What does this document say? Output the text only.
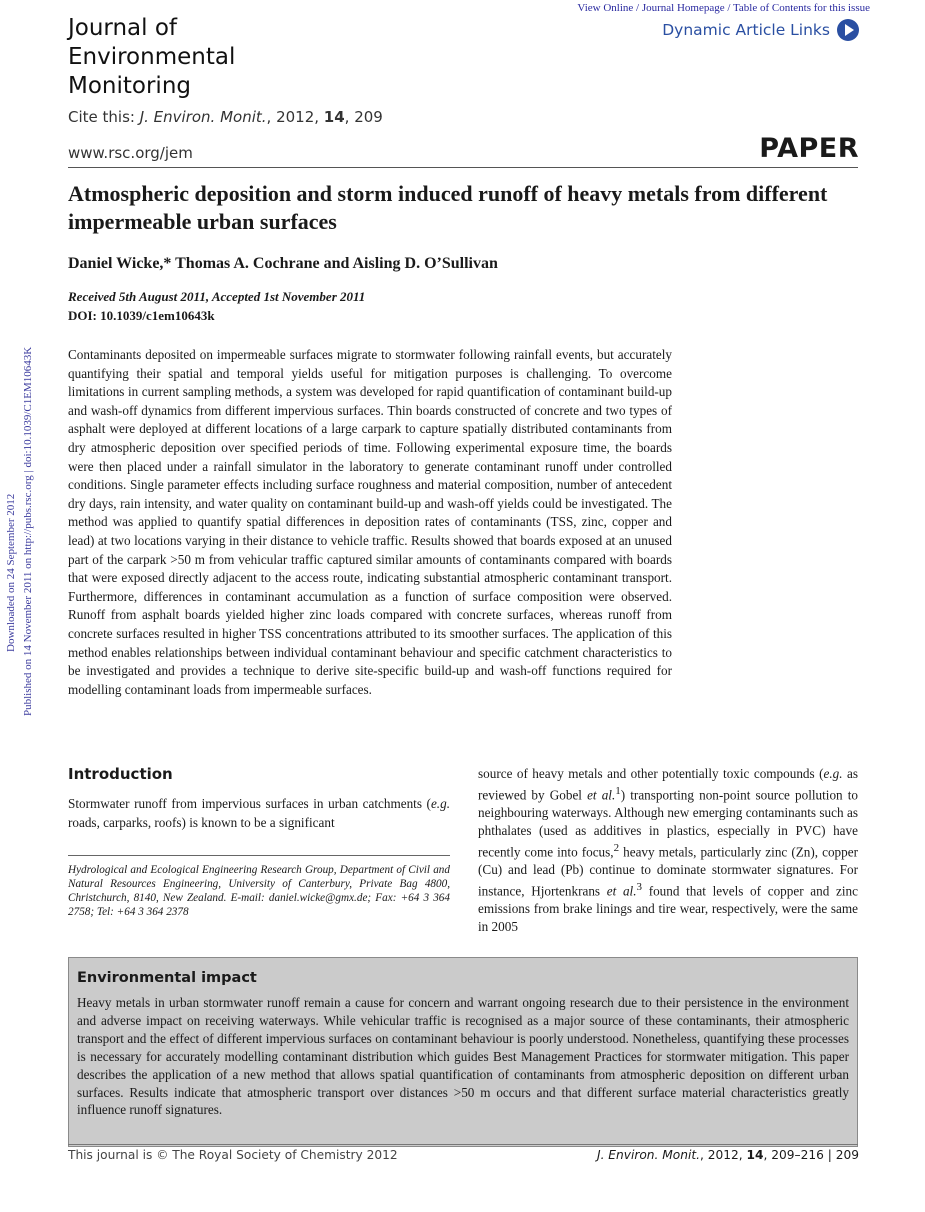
View Online / Journal Homepage / Table of Contents for this issue
Dynamic Article Links
Journal of
Environmental
Monitoring
Cite this: J. Environ. Monit., 2012, 14, 209
www.rsc.org/jem	PAPER
Published on 14 November 2011 on http://pubs.rsc.org | doi:10.1039/C1EM10643K
Downloaded on 24 September 2012
Atmospheric deposition and storm induced runoff of heavy metals from different impermeable urban surfaces
Daniel Wicke,* Thomas A. Cochrane and Aisling D. O’Sullivan
Received 5th August 2011, Accepted 1st November 2011
DOI: 10.1039/c1em10643k

Contaminants deposited on impermeable surfaces migrate to stormwater following rainfall events, but accurately quantifying their spatial and temporal yields useful for mitigation purposes is challenging. To overcome limitations in current sampling methods, a system was developed for rapid quantification of contaminant build-up and wash-off dynamics from different impervious surfaces. Thin boards constructed of concrete and two types of asphalt were deployed at different locations of a large carpark to capture spatially distributed contaminants from dry atmospheric deposition over specified periods of time. Following experimental exposure time, the boards were then placed under a rainfall simulator in the laboratory to generate contaminant runoff under controlled conditions. Single parameter effects including surface roughness and material composition, number of antecedent dry days, rain intensity, and water quality on contaminant build-up and wash-off yields could be investigated. The method was applied to quantify spatial differences in deposition rates of contaminants (TSS, zinc, copper and lead) at two locations varying in their distance to vehicle traffic. Results showed that boards exposed at an unused part of the carpark >50 m from vehicular traffic captured similar amounts of contaminants compared with boards that were exposed directly adjacent to the access route, indicating substantial atmospheric contaminant transport. Furthermore, differences in contaminant accumulation as a function of surface composition were observed. Runoff from asphalt boards yielded higher zinc loads compared with concrete surfaces, whereas runoff from concrete surfaces resulted in higher TSS concentrations attributed to its smoother surfaces. The application of this method enables relationships between individual contaminant behaviour and specific catchment characteristics to be investigated and provides a technique to derive site-specific build-up and wash-off functions required for modelling contaminant loads from impermeable surfaces.

Introduction

Stormwater runoff from impervious surfaces in urban catchments (e.g. roads, carparks, roofs) is known to be a significant

Hydrological and Ecological Engineering Research Group, Department of Civil and Natural Resources Engineering, University of Canterbury, Private Bag 4800, Christchurch, 8140, New Zealand. E-mail: daniel.wicke@gmx.de; Fax: +64 3 364 2758; Tel: +64 3 364 2378

source of heavy metals and other potentially toxic compounds (e.g. as reviewed by Gobel et al.$^1$) transporting non-point source pollution to neighbouring waterways. Although new emerging contaminants such as phthalates (used as additives in plastics, especially in PVC) have recently come into focus,$^2$ heavy metals, particularly zinc (Zn), copper (Cu) and lead (Pb) continue to dominate stormwater signatures. For instance, Hjortenkrans et al.$^3$ found that levels of copper and zinc emissions from brake linings and tire wear, respectively, were the same in 2005

Environmental impact

Heavy metals in urban stormwater runoff remain a cause for concern and warrant ongoing research due to their persistence in the environment and adverse impact on receiving waterways. While vehicular traffic is recognised as a major source of these contaminants, their atmospheric transport and the effect of different impervious surfaces on contaminant behaviour is poorly understood. Nonetheless, quantifying these processes is necessary for accurately modelling contaminant distribution which guides Best Management Practices for stormwater mitigation. This paper describes the application of a new method that allows spatial quantification of contaminants from atmospheric deposition on different urban surfaces. Results indicate that atmospheric transport over distances >50 m occurs and that different surface material characteristics greatly influence runoff signatures.

This journal is © The Royal Society of Chemistry 2012	J. Environ. Monit., 2012, 14, 209–216 | 209
